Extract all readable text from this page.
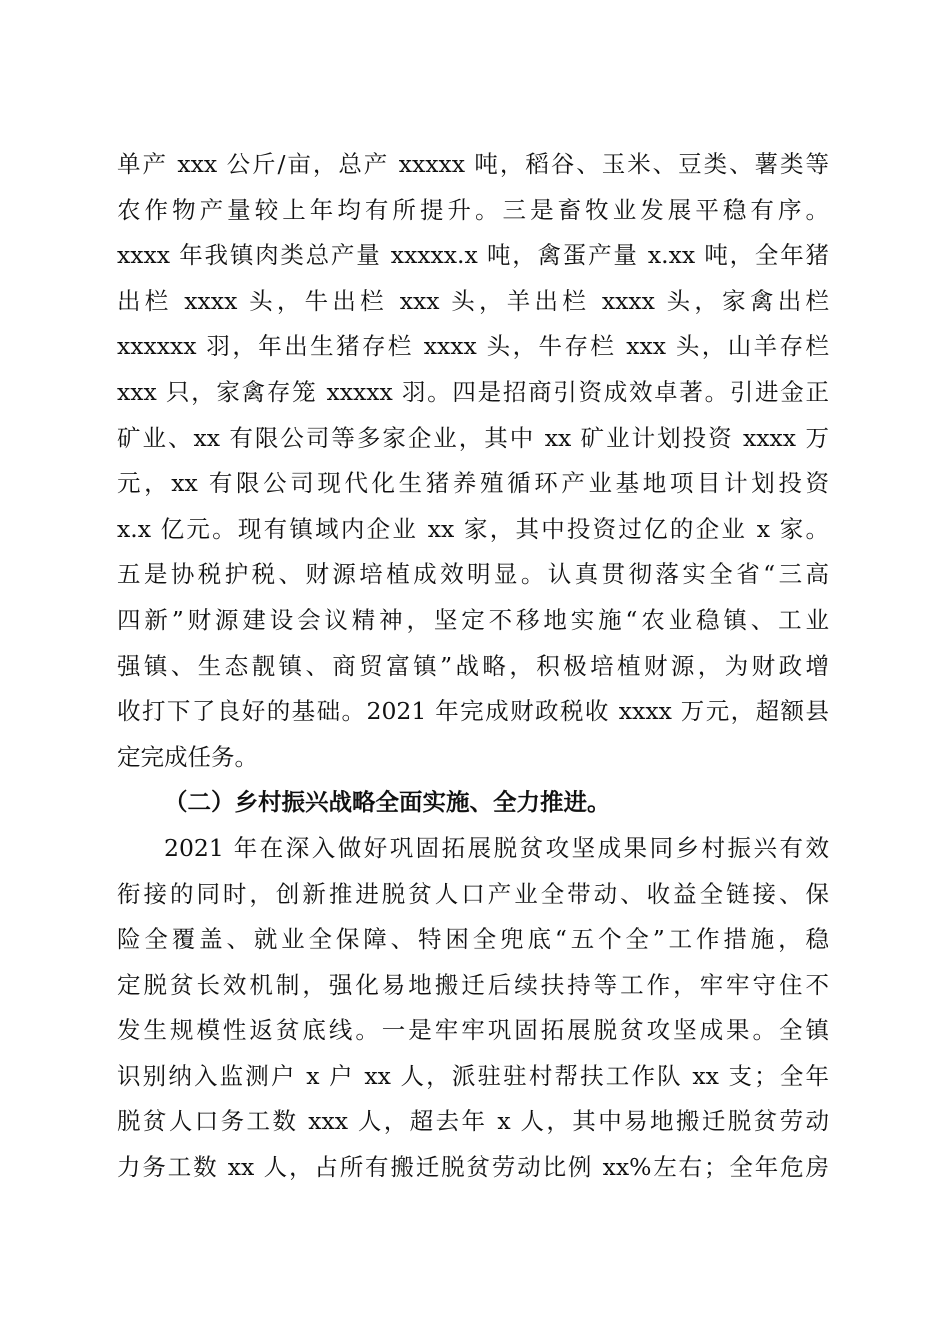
单产 xxx 公斤/亩，总产 xxxxx 吨，稻谷、玉米、豆类、薯类等
农作物产量较上年均有所提升。三是畜牧业发展平稳有序。
xxxx 年我镇肉类总产量 xxxxx.x 吨，禽蛋产量 x.xx 吨，全年猪
出栏 xxxx 头，牛出栏 xxx 头，羊出栏 xxxx 头，家禽出栏
xxxxxx 羽，年出生猪存栏 xxxx 头，牛存栏 xxx 头，山羊存栏
xxx 只，家禽存笼 xxxxx 羽。四是招商引资成效卓著。引进金正
矿业、xx 有限公司等多家企业，其中 xx 矿业计划投资 xxxx 万
元，xx 有限公司现代化生猪养殖循环产业基地项目计划投资
x.x 亿元。现有镇域内企业 xx 家，其中投资过亿的企业 x 家。
五是协税护税、财源培植成效明显。认真贯彻落实全省“三高
四新”财源建设会议精神，坚定不移地实施“农业稳镇、工业
强镇、生态靓镇、商贸富镇”战略，积极培植财源，为财政增
收打下了良好的基础。2021 年完成财政税收 xxxx 万元，超额县
定完成任务。
（二）乡村振兴战略全面实施、全力推进。
2021 年在深入做好巩固拓展脱贫攻坚成果同乡村振兴有效
衔接的同时，创新推进脱贫人口产业全带动、收益全链接、保
险全覆盖、就业全保障、特困全兜底“五个全”工作措施，稳
定脱贫长效机制，强化易地搬迁后续扶持等工作，牢牢守住不
发生规模性返贫底线。一是牢牢巩固拓展脱贫攻坚成果。全镇
识别纳入监测户 x 户 xx 人，派驻驻村帮扶工作队 xx 支；全年
脱贫人口务工数 xxx 人，超去年 x 人，其中易地搬迁脱贫劳动
力务工数 xx 人，占所有搬迁脱贫劳动比例 xx%左右；全年危房
